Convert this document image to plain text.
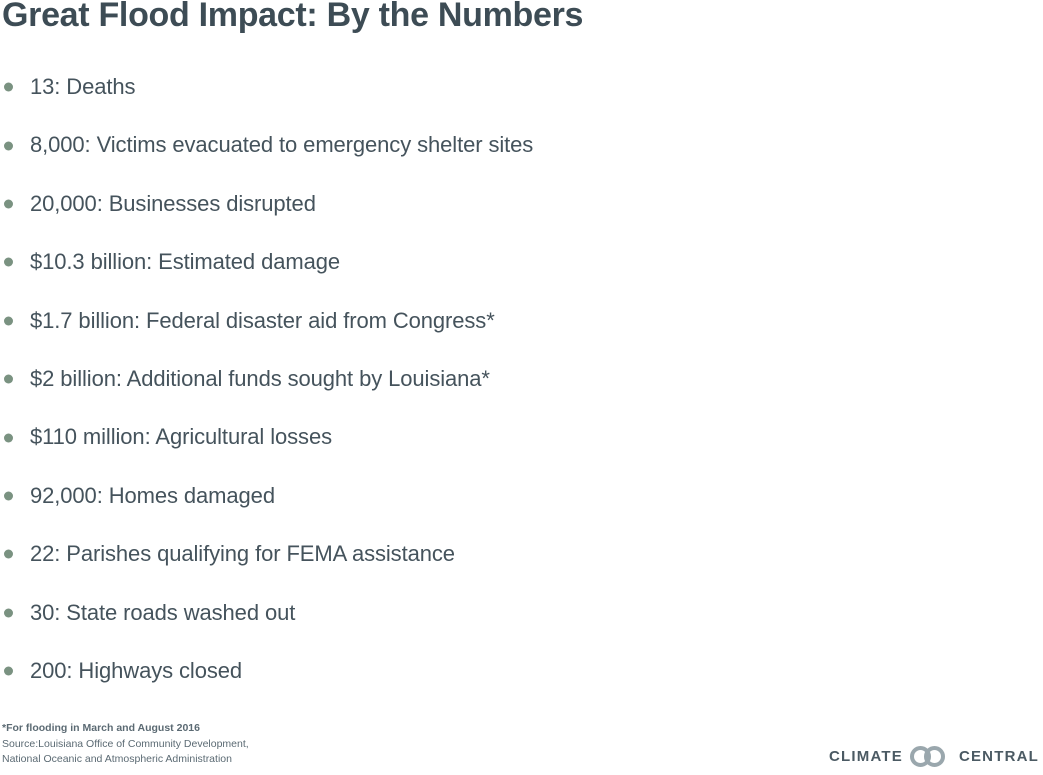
Great Flood Impact: By the Numbers
13: Deaths
8,000: Victims evacuated to emergency shelter sites
20,000: Businesses disrupted
$10.3 billion: Estimated damage
$1.7 billion: Federal disaster aid from Congress*
$2 billion: Additional funds sought by Louisiana*
$110 million: Agricultural losses
92,000: Homes damaged
22: Parishes qualifying for FEMA assistance
30: State roads washed out
200: Highways closed
*For flooding in March and August 2016
Source:Louisiana Office of Community Development,
National Oceanic and Atmospheric Administration	CLIMATE	CENTRAL
